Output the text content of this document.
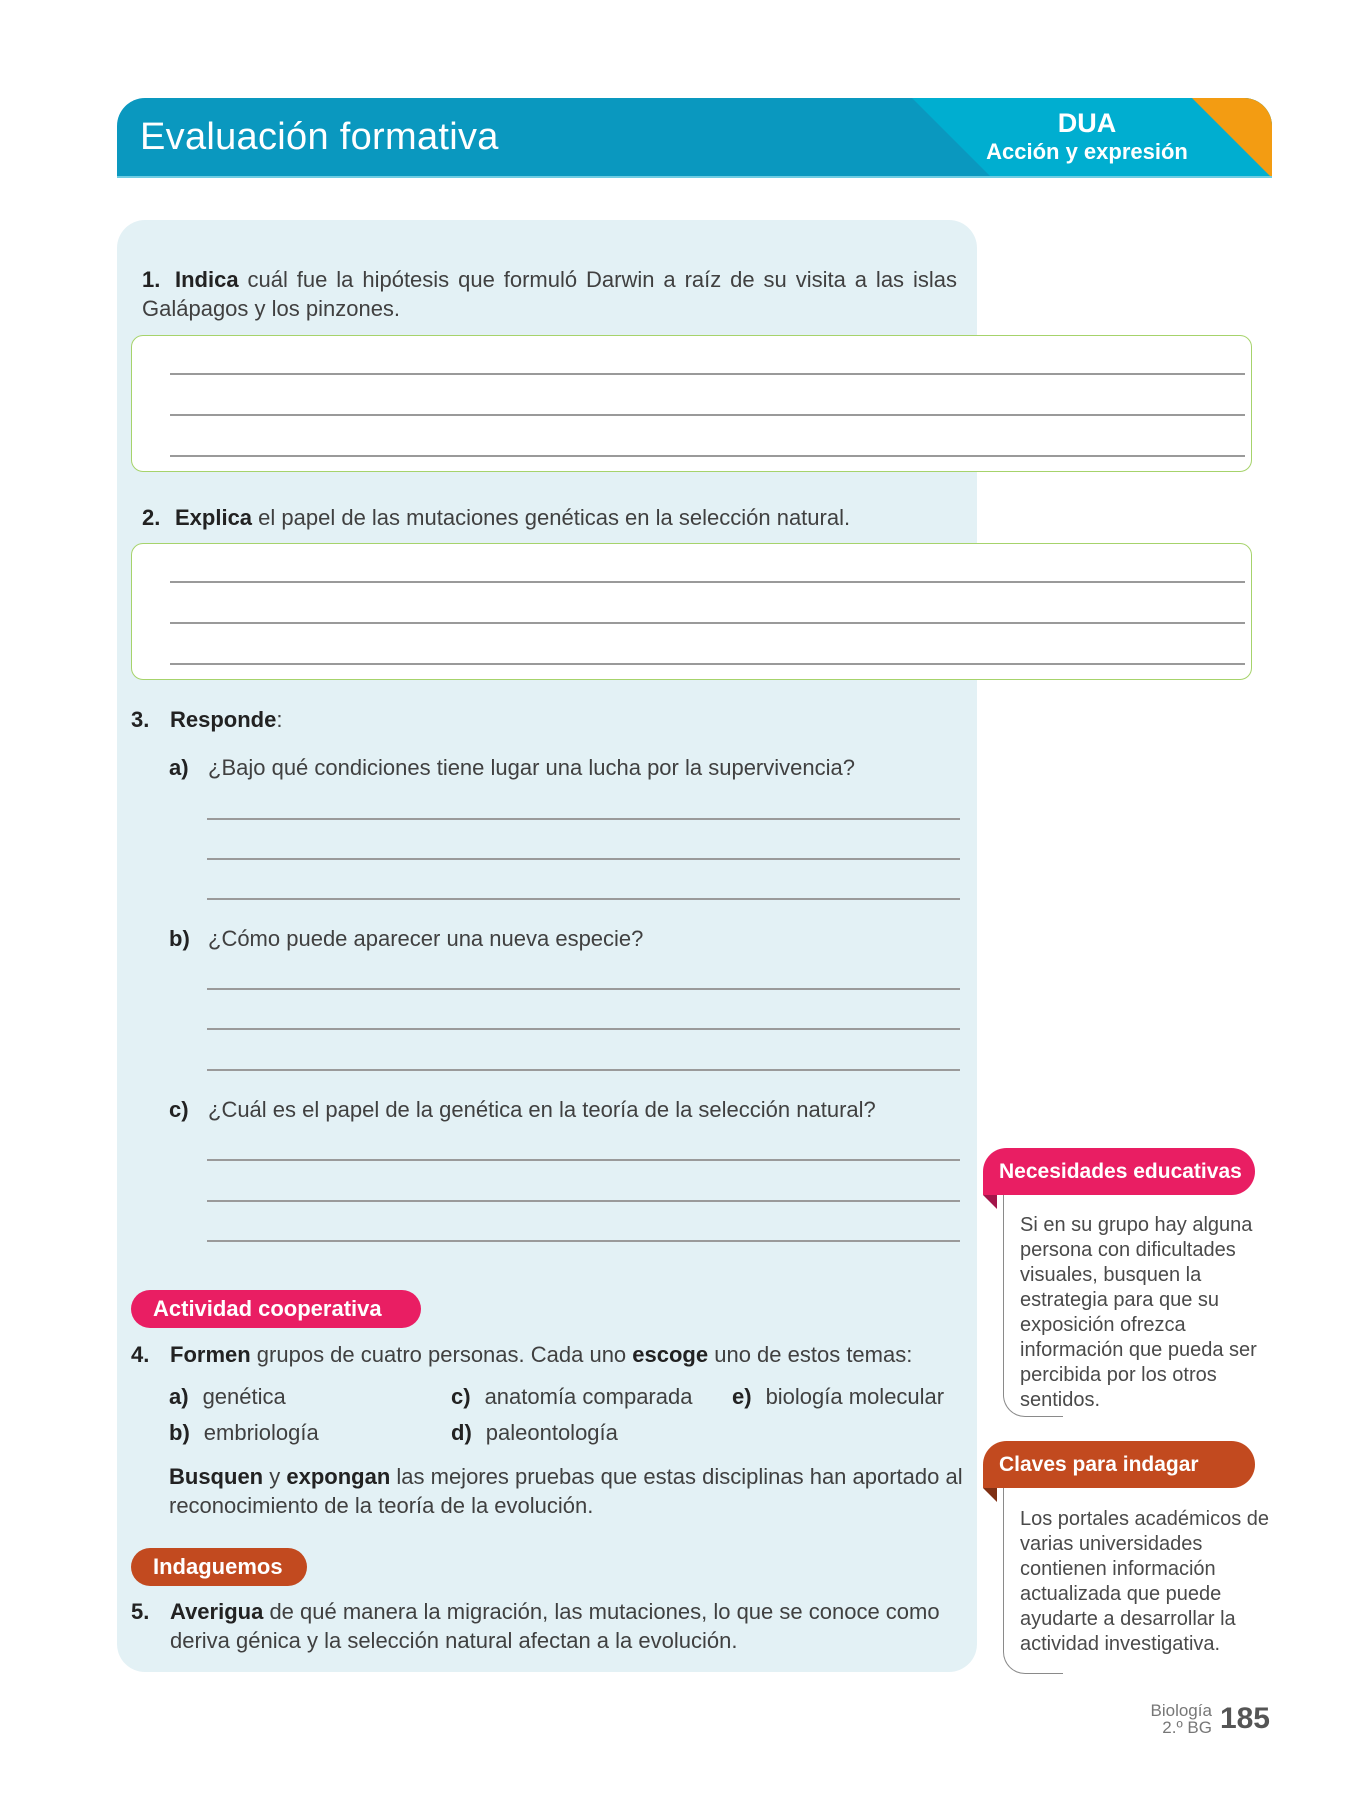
Evaluación formativa	DUA
Acción y expresión
1. Indica cuál fue la hipótesis que formuló Darwin a raíz de su visita a las islas Galápagos y los pinzones.
2. Explica el papel de las mutaciones genéticas en la selección natural.
3. Responde:
a) ¿Bajo qué condiciones tiene lugar una lucha por la supervivencia?
b) ¿Cómo puede aparecer una nueva especie?
c) ¿Cuál es el papel de la genética en la teoría de la selección natural?
Actividad cooperativa
4. Formen grupos de cuatro personas. Cada uno escoge uno de estos temas:
a) genética
b) embriología
c) anatomía comparada
d) paleontología
e) biología molecular
Busquen y expongan las mejores pruebas que estas disciplinas han aportado al reconocimiento de la teoría de la evolución.
Indaguemos
5. Averigua de qué manera la migración, las mutaciones, lo que se conoce como deriva génica y la selección natural afectan a la evolución.
Necesidades educativas
Si en su grupo hay alguna persona con dificultades visuales, busquen la estrategia para que su exposición ofrezca información que pueda ser percibida por los otros sentidos.
Claves para indagar
Los portales académicos de varias universidades contienen información actualizada que puede ayudarte a desarrollar la actividad investigativa.
Biología
2.º BG 185
